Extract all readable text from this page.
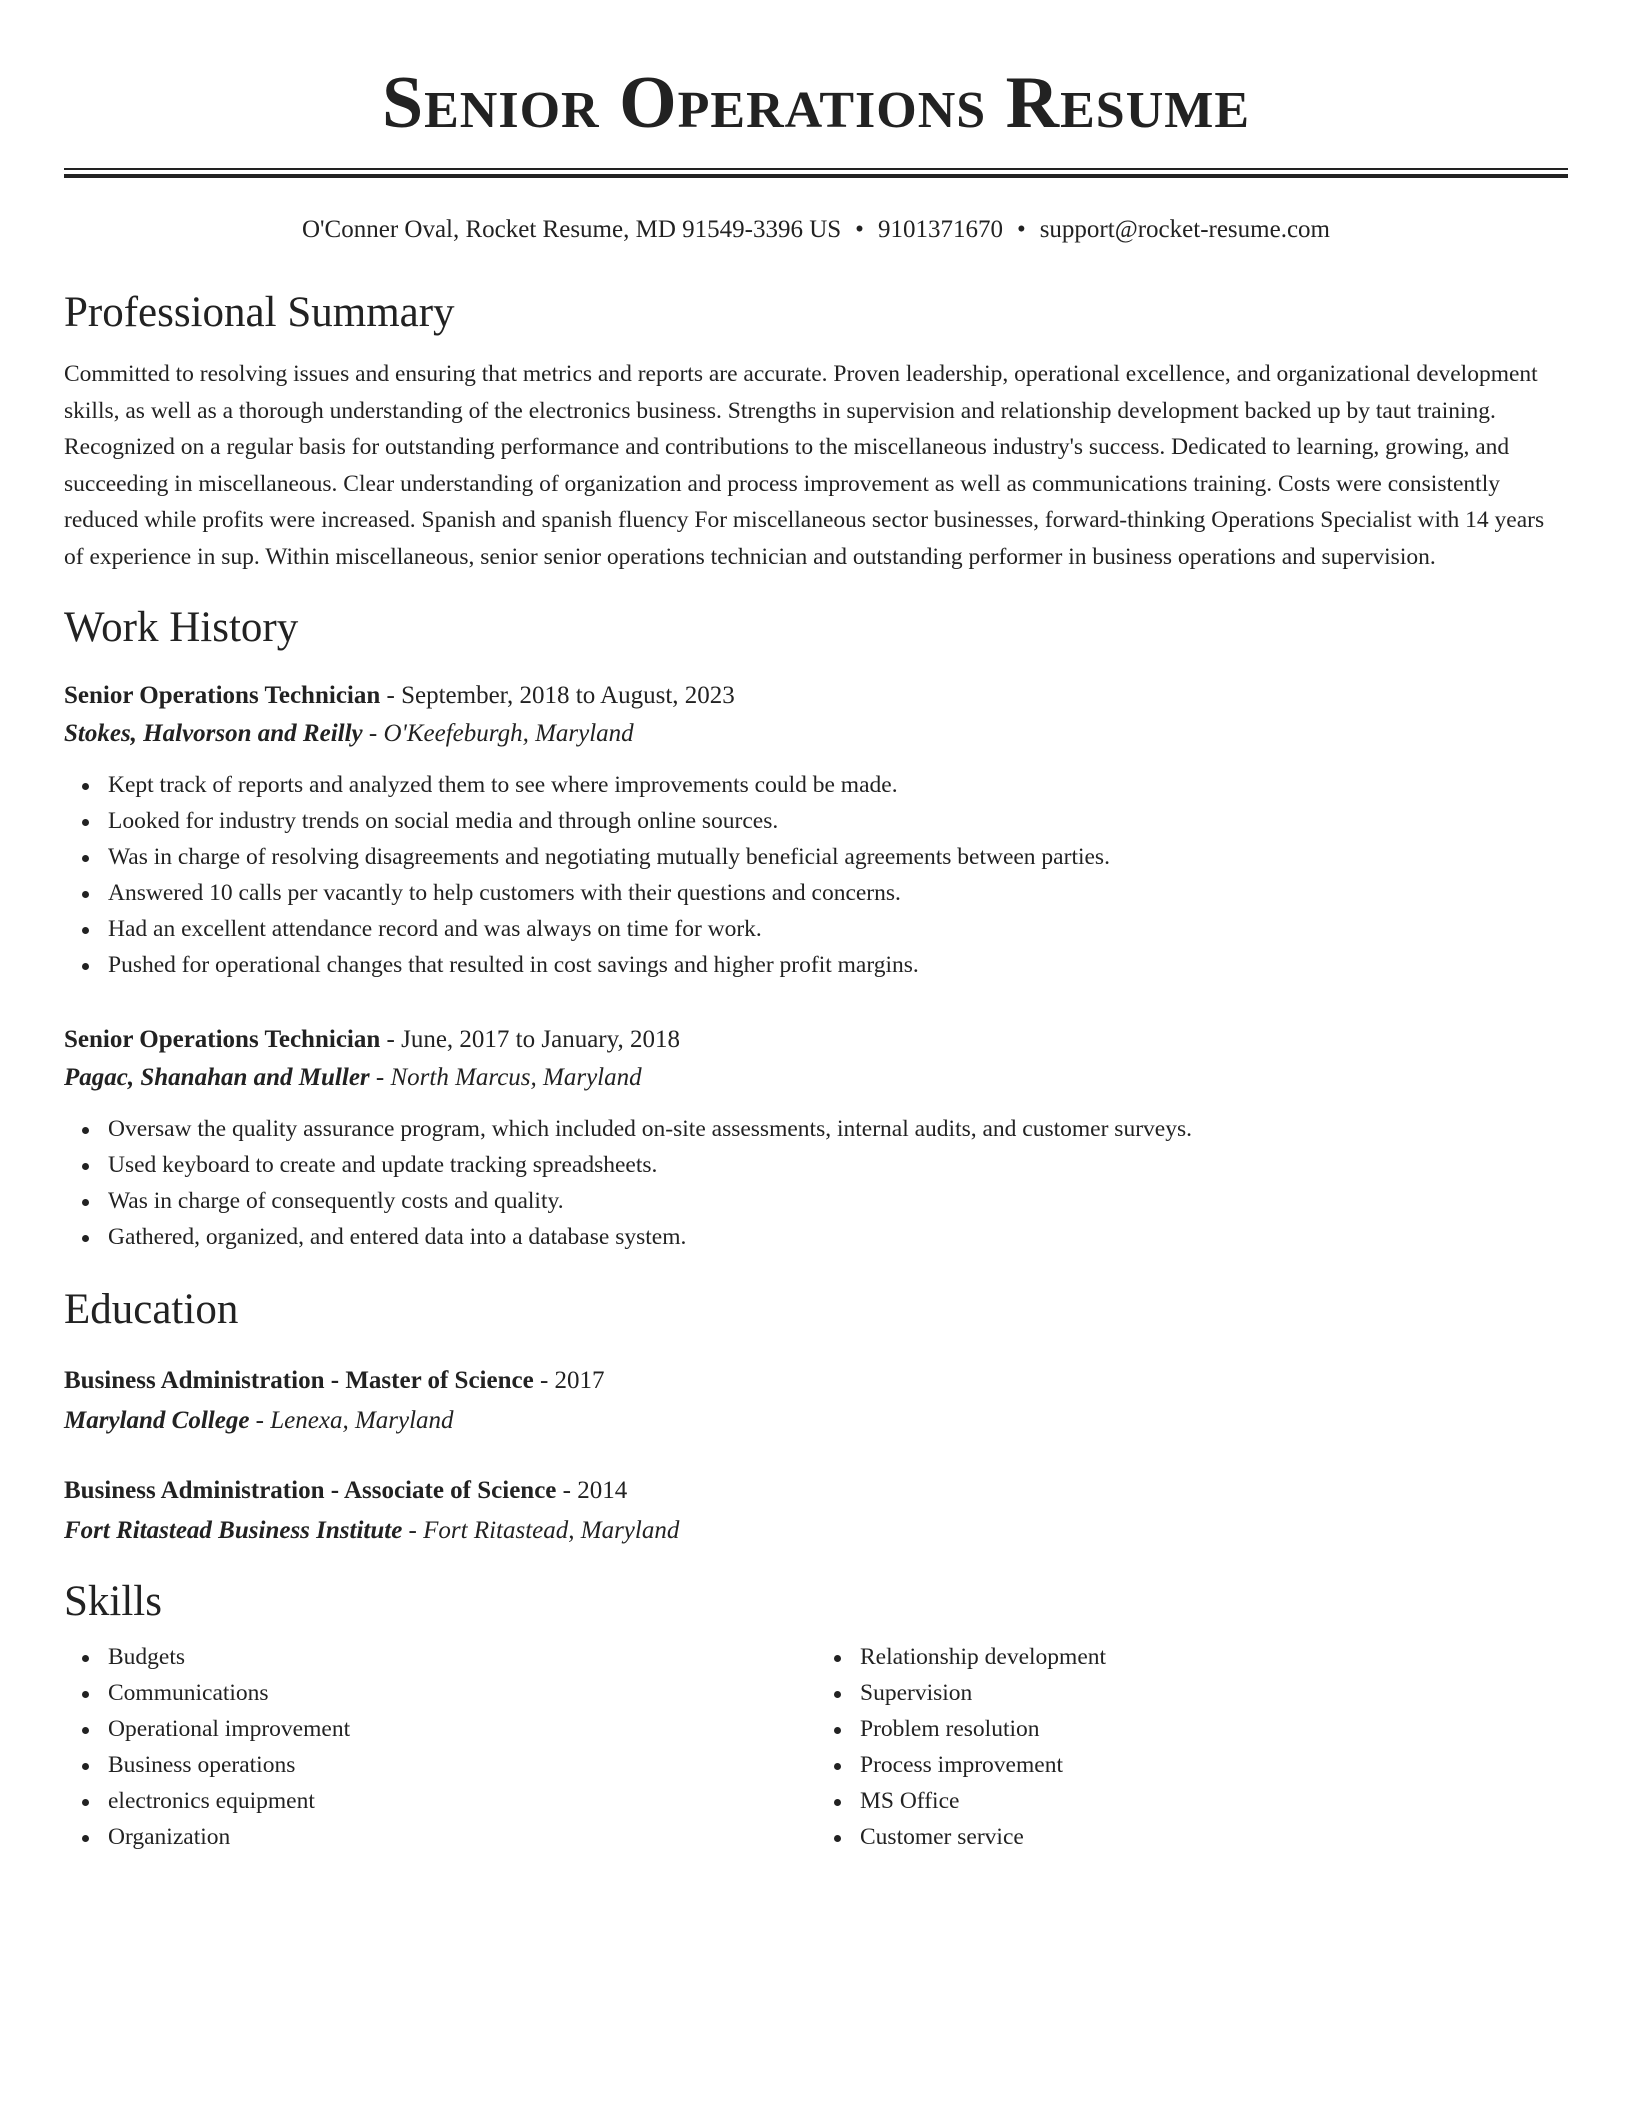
Senior Operations Resume
O'Conner Oval, Rocket Resume, MD 91549-3396 US • 9101371670 • support@rocket-resume.com
Professional Summary

Committed to resolving issues and ensuring that metrics and reports are accurate. Proven leadership, operational excellence, and organizational development skills, as well as a thorough understanding of the electronics business. Strengths in supervision and relationship development backed up by taut training. Recognized on a regular basis for outstanding performance and contributions to the miscellaneous industry's success. Dedicated to learning, growing, and succeeding in miscellaneous. Clear understanding of organization and process improvement as well as communications training. Costs were consistently reduced while profits were increased. Spanish and spanish fluency For miscellaneous sector businesses, forward-thinking Operations Specialist with 14 years of experience in sup. Within miscellaneous, senior senior operations technician and outstanding performer in business operations and supervision.

Work History
Senior Operations Technician - September, 2018 to August, 2023
Stokes, Halvorson and Reilly - O'Keefeburgh, Maryland
Kept track of reports and analyzed them to see where improvements could be made.
Looked for industry trends on social media and through online sources.
Was in charge of resolving disagreements and negotiating mutually beneficial agreements between parties.
Answered 10 calls per vacantly to help customers with their questions and concerns.
Had an excellent attendance record and was always on time for work.
Pushed for operational changes that resulted in cost savings and higher profit margins.
Senior Operations Technician - June, 2017 to January, 2018
Pagac, Shanahan and Muller - North Marcus, Maryland
Oversaw the quality assurance program, which included on-site assessments, internal audits, and customer surveys.
Used keyboard to create and update tracking spreadsheets.
Was in charge of consequently costs and quality.
Gathered, organized, and entered data into a database system.
Education
Business Administration - Master of Science - 2017
Maryland College - Lenexa, Maryland
Business Administration - Associate of Science - 2014
Fort Ritastead Business Institute - Fort Ritastead, Maryland
Skills
Budgets
Communications
Operational improvement
Business operations
electronics equipment
Organization
Relationship development
Supervision
Problem resolution
Process improvement
MS Office
Customer service
